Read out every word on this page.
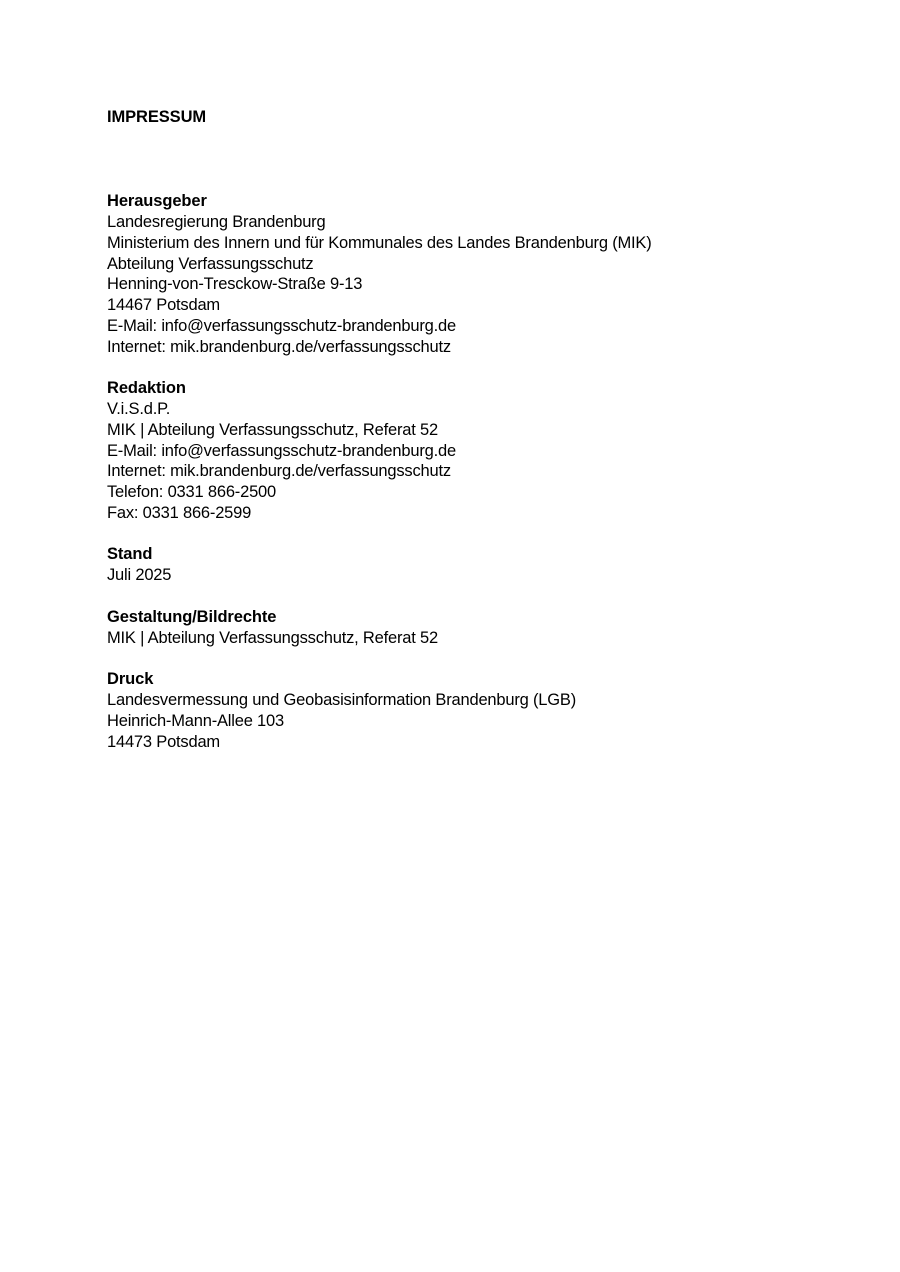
IMPRESSUM
Herausgeber
Landesregierung Brandenburg
Ministerium des Innern und für Kommunales des Landes Brandenburg (MIK)
Abteilung Verfassungsschutz
Henning-von-Tresckow-Straße 9-13
14467 Potsdam
E-Mail: info@verfassungsschutz-brandenburg.de
Internet: mik.brandenburg.de/verfassungsschutz
Redaktion
V.i.S.d.P.
MIK | Abteilung Verfassungsschutz, Referat 52
E-Mail: info@verfassungsschutz-brandenburg.de
Internet: mik.brandenburg.de/verfassungsschutz
Telefon: 0331 866-2500
Fax: 0331 866-2599
Stand
Juli 2025
Gestaltung/Bildrechte
MIK | Abteilung Verfassungsschutz, Referat 52
Druck
Landesvermessung und Geobasisinformation Brandenburg (LGB)
Heinrich-Mann-Allee 103
14473 Potsdam
